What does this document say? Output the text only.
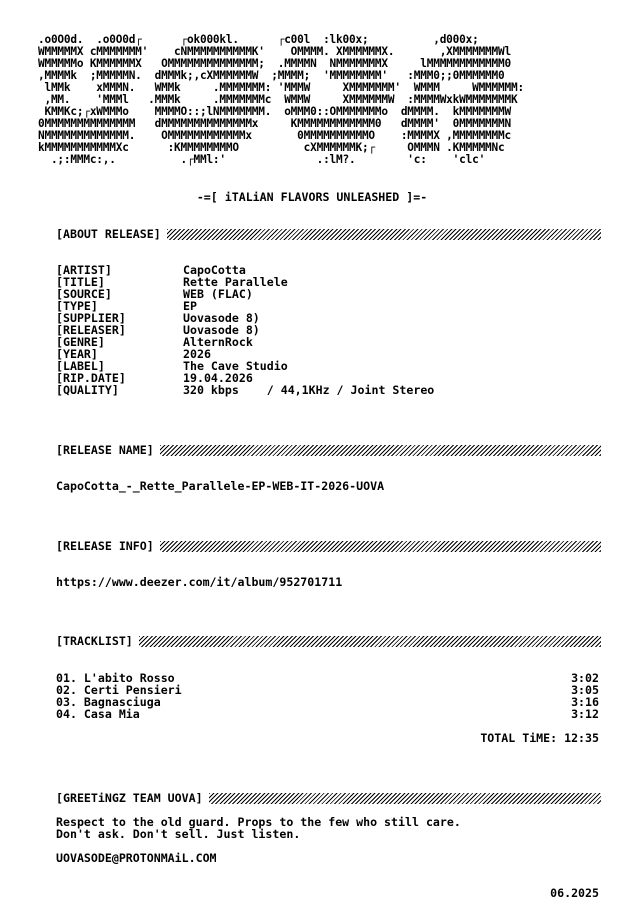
.o0O0d.  .o0O0d┌      ┌ok000kl.      ┌c00l  :lk00x;          ,d000x;
WMMMMMX cMMMMMMM'    cNMMMMMMMMMMK'    OMMMM. XMMMMMMX.       ,XMMMMMMMWl
WMMMMMo KMMMMMMX   OMMMMMMMMMMMMMM;  .MMMMN  NMMMMMMMX     lMMMMMMMMMMMM0
,MMMMk  ;MMMMMN.  dMMMk;,cXMMMMMMW  ;MMMM;  'MMMMMMMM'   :MMM0;;0MMMMMM0
lMMk    xMMMN.   WMMk     .MMMMMMM: 'MMMW     XMMMMMMM'  WMMM     WMMMMMM:
,MM.    'MMMl   .MMMk     .MMMMMMMc  WMMW     XMMMMMMW  :MMMMWxkWMMMMMMMK
KMMKc;┌xWMMMo    MMMMO::;lNMMMMMMM.  oMMM0::OMMMMMMMo  dMMMM.  kMMMMMMMW
0MMMMMMMMMMMMMM   dMMMMMMMMMMMMMMx     KMMMMMMMMMMMM0   dMMMM'  0MMMMMMMN
NMMMMMMMMMMMMM.    OMMMMMMMMMMMMx       0MMMMMMMMMMO    :MMMMX ,MMMMMMMMc
kMMMMMMMMMMMXc      :KMMMMMMMMO          cXMMMMMMK;┌     OMMMN .KMMMMMNc
.;:MMMc:,.          .┌MMl:'              .:lM?.        'c:    'clc'
-=[ iTALiAN FLAVORS UNLEASHED ]=-
[ABOUT RELEASE]
[ARTIST]	CapoCotta
[TITLE]	Rette Parallele
[SOURCE]	WEB (FLAC)
[TYPE]	EP
[SUPPLIER]	Uovasode 8)
[RELEASER]	Uovasode 8)
[GENRE]	AlternRock
[YEAR]	2026
[LABEL]	The Cave Studio
[RIP.DATE]	19.04.2026
[QUALITY]	320 kbps    / 44,1KHz / Joint Stereo
[RELEASE NAME]
CapoCotta_-_Rette_Parallele-EP-WEB-IT-2026-UOVA
[RELEASE INFO]
https://www.deezer.com/it/album/952701711
[TRACKLIST]
01. L'abito Rosso	3:02
02. Certi Pensieri	3:05
03. Bagnasciuga	3:16
04. Casa Mia	3:12
TOTAL TiME: 12:35
[GREETiNGZ TEAM UOVA]
Respect to the old guard. Props to the few who still care.
Don't ask. Don't sell. Just listen.
UOVASODE@PROTONMAiL.COM
06.2025
